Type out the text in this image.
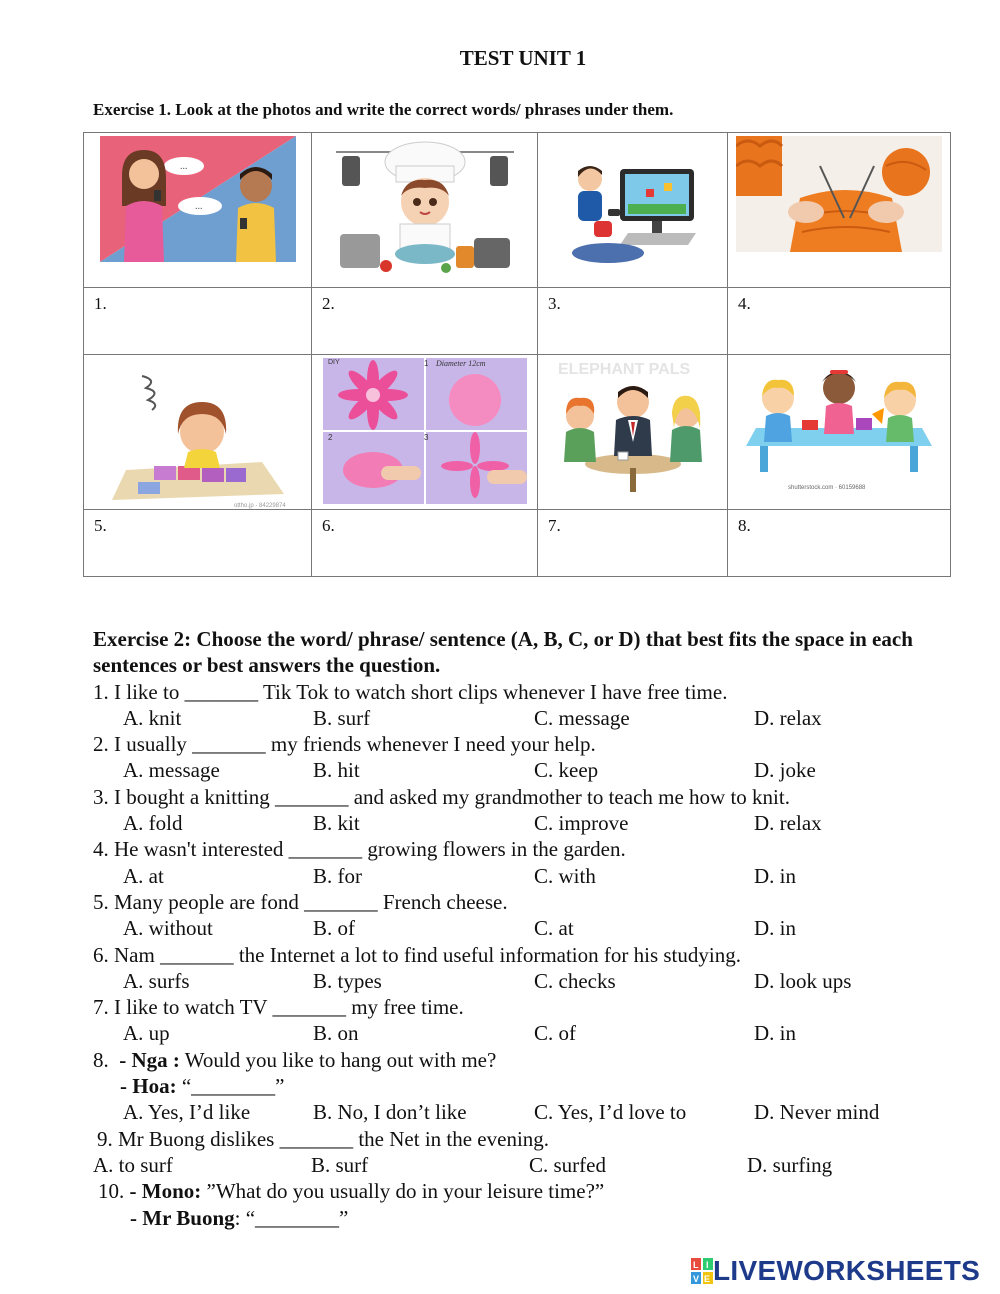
TEST UNIT 1
Exercise 1. Look at the photos and write the correct words/ phrases under them.
...
...

1.	2.	3.	4.

ottho.jp - 84229874	DIY 1 Diameter 12cm
2 3	ELEPHANT PALS	shutterstock.com · 60159688

5.	6.	7.	8.
Exercise 2: Choose the word/ phrase/ sentence (A, B, C, or D) that best fits the space in each sentences or best answers the question.
1. I like to _______ Tik Tok to watch short clips whenever I have free time.
A. knit	B. surf	C. message	D. relax
2. I usually _______ my friends whenever I need your help.
A. message	B. hit	C. keep	D. joke
3. I bought a knitting _______ and asked my grandmother to teach me how to knit.
A. fold	B. kit	C. improve	D. relax
4. He wasn't interested _______ growing flowers in the garden.
A. at	B. for	C. with	D. in
5. Many people are fond _______ French cheese.
A. without	B. of	C. at	D. in
6. Nam _______ the Internet a lot to find useful information for his studying.
A. surfs	B. types	C. checks	D. look ups
7. I like to watch TV _______ my free time.
A. up	B. on	C. of	D. in
8. - Nga : Would you like to hang out with me?
- Hoa: “________”
A. Yes, I’d like	B. No, I don’t like	C. Yes, I’d love to	D. Never mind
9. Mr Buong dislikes _______ the Net in the evening.
A. to surf	B. surf	C. surfed	D. surfing
10. - Mono: ”What do you usually do in your leisure time?”
- Mr Buong: “________”
L I
V E LIVEWORKSHEETS
